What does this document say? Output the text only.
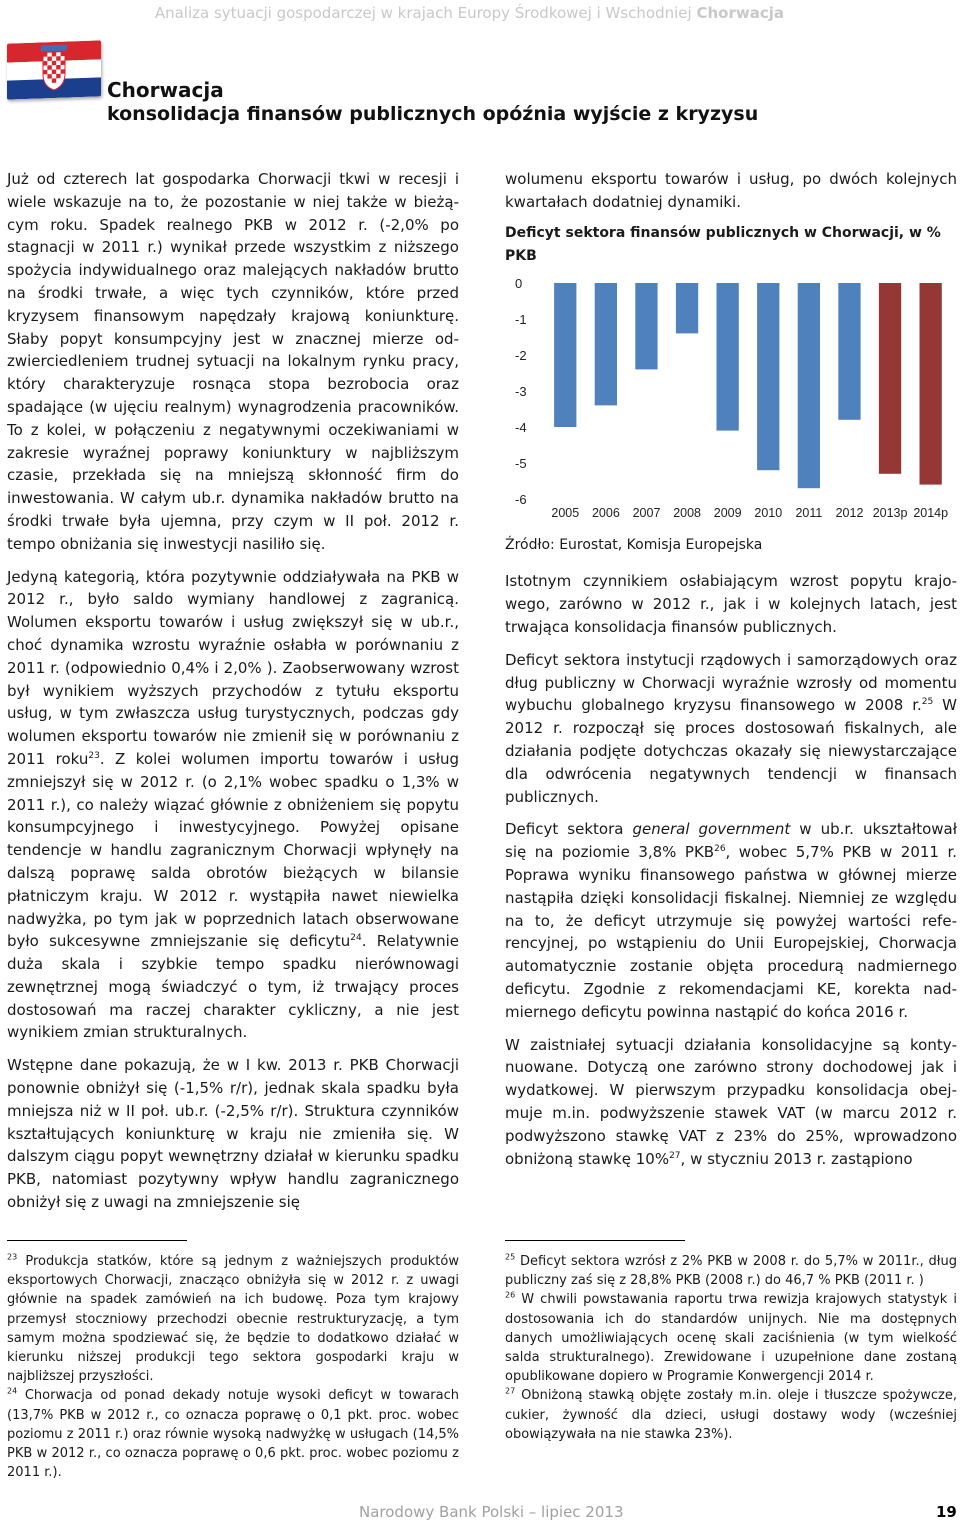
Analiza sytuacji gospodarczej w krajach Europy Środkowej i Wschodniej Chorwacja
Chorwacja
konsolidacja finansów publicznych opóźnia wyjście z kryzysu

Już od czterech lat gospodarka Chorwacji tkwi w recesji i wiele wskazuje na to, że pozostanie w niej także w bieżącym roku. Spadek realnego PKB w 2012 r. (-2,0% po stagnacji w 2011 r.) wynikał przede wszystkim z niższego spożycia indywidualnego oraz malejących nakładów brutto na środki trwałe, a więc tych czynników, które przed kryzysem finansowym napędzały krajową koniunkturę. Słaby popyt konsumpcyjny jest w znacznej mierze odzwierciedleniem trudnej sytuacji na lokalnym rynku pracy, który charakteryzuje rosnąca stopa bezrobocia oraz spadające (w ujęciu realnym) wynagrodzenia pracowników. To z kolei, w połączeniu z negatywnymi oczekiwaniami w zakresie wyraźnej poprawy koniunktury w najbliższym czasie, przekłada się na mniejszą skłonność firm do inwestowania. W całym ub.r. dynamika nakładów brutto na środki trwałe była ujemna, przy czym w II poł. 2012 r. tempo obniżania się inwestycji nasiliło się.

Jedyną kategorią, która pozytywnie oddziaływała na PKB w 2012 r., było saldo wymiany handlowej z zagranicą. Wolumen eksportu towarów i usług zwiększył się w ub.r., choć dynamika wzrostu wyraźnie osłabła w porównaniu z 2011 r. (odpowiednio 0,4% i 2,0% ). Zaobserwowany wzrost był wynikiem wyższych przychodów z tytułu eksportu usług, w tym zwłaszcza usług turystycznych, podczas gdy wolumen eksportu towarów nie zmienił się w porównaniu z 2011 roku$^{23}$. Z kolei wolumen importu towarów i usług zmniejszył się w 2012 r. (o 2,1% wobec spadku o 1,3% w 2011 r.), co należy wiązać głównie z obniżeniem się popytu konsumpcyjnego i inwestycyjnego. Powyżej opisane tendencje w handlu zagranicznym Chorwacji wpłynęły na dalszą poprawę salda obrotów bieżących w bilansie płatniczym kraju. W 2012 r. wystąpiła nawet niewielka nadwyżka, po tym jak w poprzednich latach obserwowane było sukcesywne zmniejszanie się deficytu$^{24}$. Relatywnie duża skala i szybkie tempo spadku nierównowagi zewnętrznej mogą świadczyć o tym, iż trwający proces dostosowań ma raczej charakter cykliczny, a nie jest wynikiem zmian strukturalnych.

Wstępne dane pokazują, że w I kw. 2013 r. PKB Chorwacji ponownie obniżył się (-1,5% r/r), jednak skala spadku była mniejsza niż w II poł. ub.r. (-2,5% r/r). Struktura czynników kształtujących koniunkturę w kraju nie zmieniła się. W dalszym ciągu popyt wewnętrzny działał w kierunku spadku PKB, natomiast pozytywny wpływ handlu zagranicznego obniżył się z uwagi na zmniejszenie się

wolumenu eksportu towarów i usług, po dwóch kolejnych kwartałach dodatniej dynamiki.

Deficyt sektora finansów publicznych w Chorwacji, w % PKB
0
-1
-2
-3
-4
-5
-6
2005 2006 2007 2008 2009 2010 2011 2012 2013p 2014p
Źródło: Eurostat, Komisja Europejska

Istotnym czynnikiem osłabiającym wzrost popytu krajowego, zarówno w 2012 r., jak i w kolejnych latach, jest trwająca konsolidacja finansów publicznych.

Deficyt sektora instytucji rządowych i samorządowych oraz dług publiczny w Chorwacji wyraźnie wzrosły od momentu wybuchu globalnego kryzysu finansowego w 2008 r.$^{25}$ W 2012 r. rozpoczął się proces dostosowań fiskalnych, ale działania podjęte dotychczas okazały się niewystarczające dla odwrócenia negatywnych tendencji w finansach publicznych.

Deficyt sektora general government w ub.r. ukształtował się na poziomie 3,8% PKB$^{26}$, wobec 5,7% PKB w 2011 r. Poprawa wyniku finansowego państwa w głównej mierze nastąpiła dzięki konsolidacji fiskalnej. Niemniej ze względu na to, że deficyt utrzymuje się powyżej wartości referencyjnej, po wstąpieniu do Unii Europejskiej, Chorwacja automatycznie zostanie objęta procedurą nadmiernego deficytu. Zgodnie z rekomendacjami KE, korekta nadmiernego deficytu powinna nastąpić do końca 2016 r.

W zaistniałej sytuacji działania konsolidacyjne są kontynuowane. Dotyczą one zarówno strony dochodowej jak i wydatkowej. W pierwszym przypadku konsolidacja obejmuje m.in. podwyższenie stawek VAT (w marcu 2012 r. podwyższono stawkę VAT z 23% do 25%, wprowadzono obniżoną stawkę 10%$^{27}$, w styczniu 2013 r. zastąpiono

$^{23}$ Produkcja statków, które są jednym z ważniejszych produktów eksportowych Chorwacji, znacząco obniżyła się w 2012 r. z uwagi głównie na spadek zamówień na ich budowę. Poza tym krajowy przemysł stoczniowy przechodzi obecnie restrukturyzację, a tym samym można spodziewać się, że będzie to dodatkowo działać w kierunku niższej produkcji tego sektora gospodarki kraju w najbliższej przyszłości.

$^{24}$ Chorwacja od ponad dekady notuje wysoki deficyt w towarach (13,7% PKB w 2012 r., co oznacza poprawę o 0,1 pkt. proc. wobec poziomu z 2011 r.) oraz równie wysoką nadwyżkę w usługach (14,5% PKB w 2012 r., co oznacza poprawę o 0,6 pkt. proc. wobec poziomu z 2011 r.).

$^{25}$ Deficyt sektora wzrósł z 2% PKB w 2008 r. do 5,7% w 2011r., dług publiczny zaś się z 28,8% PKB (2008 r.) do 46,7 % PKB (2011 r. )

$^{26}$ W chwili powstawania raportu trwa rewizja krajowych statystyk i dostosowania ich do standardów unijnych. Nie ma dostępnych danych umożliwiających ocenę skali zaciśnienia (w tym wielkość salda strukturalnego). Zrewidowane i uzupełnione dane zostaną opublikowane dopiero w Programie Konwergencji 2014 r.

$^{27}$ Obniżoną stawką objęte zostały m.in. oleje i tłuszcze spożywcze, cukier, żywność dla dzieci, usługi dostawy wody (wcześniej obowiązywała na nie stawka 23%).

Narodowy Bank Polski – lipiec 2013	19
